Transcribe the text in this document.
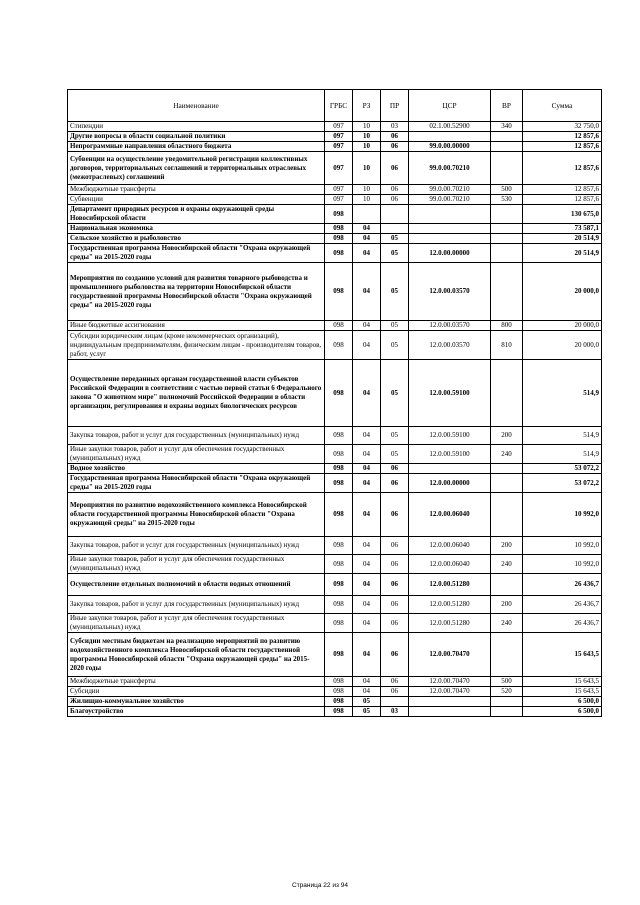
Наименование	ГРБС	РЗ	ПР	ЦСР	ВР	Сумма
Стипендии	097	10	03	02.1.00.52900	340	32 750,0
Другие вопросы в области социальной политики	097	10	06			12 857,6
Непрограммные направления областного бюджета	097	10	06	99.0.00.00000		12 857,6
Субвенции на осуществление уведомительной регистрации коллективных договоров, территориальных соглашений и территориальных отраслевых (межотраслевых) соглашений	097	10	06	99.0.00.70210		12 857,6
Межбюджетные трансферты	097	10	06	99.0.00.70210	500	12 857,6
Субвенции	097	10	06	99.0.00.70210	530	12 857,6
Департамент природных ресурсов и охраны окружающей среды Новосибирской области	098					130 675,0
Национальная экономика	098	04				73 587,1
Сельское хозяйство и рыболовство	098	04	05			20 514,9
Государственная программа Новосибирской области "Охрана окружающей среды" на 2015-2020 годы	098	04	05	12.0.00.00000		20 514,9
Мероприятия по созданию условий для развития товарного рыбоводства и промышленного рыболовства на территории Новосибирской области государственной программы Новосибирской области "Охрана окружающей среды" на 2015-2020 годы	098	04	05	12.0.00.03570		20 000,0
Иные бюджетные ассигнования	098	04	05	12.0.00.03570	800	20 000,0
Субсидии юридическим лицам (кроме некоммерческих организаций), индивидуальным предпринимателям, физическим лицам - производителям товаров, работ, услуг	098	04	05	12.0.00.03570	810	20 000,0
Осуществление переданных органам государственной власти субъектов Российской Федерации в соответствии с частью первой статьи 6 Федерального закона "О животном мире" полномочий Российской Федерации в области организации, регулирования и охраны водных биологических ресурсов	098	04	05	12.0.00.59100		514,9
Закупка товаров, работ и услуг для государственных (муниципальных) нужд	098	04	05	12.0.00.59100	200	514,9
Иные закупки товаров, работ и услуг для обеспечения государственных (муниципальных) нужд	098	04	05	12.0.00.59100	240	514,9
Водное хозяйство	098	04	06			53 072,2
Государственная программа Новосибирской области "Охрана окружающей среды" на 2015-2020 годы	098	04	06	12.0.00.00000		53 072,2
Мероприятия по развитию водохозяйственного комплекса Новосибирской области государственной программы Новосибирской области "Охрана окружающей среды" на 2015-2020 годы	098	04	06	12.0.00.06040		10 992,0
Закупка товаров, работ и услуг для государственных (муниципальных) нужд	098	04	06	12.0.00.06040	200	10 992,0
Иные закупки товаров, работ и услуг для обеспечения государственных (муниципальных) нужд	098	04	06	12.0.00.06040	240	10 992,0
Осуществление отдельных полномочий в области водных отношений	098	04	06	12.0.00.51280		26 436,7
Закупка товаров, работ и услуг для государственных (муниципальных) нужд	098	04	06	12.0.00.51280	200	26 436,7
Иные закупки товаров, работ и услуг для обеспечения государственных (муниципальных) нужд	098	04	06	12.0.00.51280	240	26 436,7
Субсидии местным бюджетам на реализацию мероприятий по развитию водохозяйственного комплекса Новосибирской области государственной программы Новосибирской области "Охрана окружающей среды" на 2015-2020 годы	098	04	06	12.0.00.70470		15 643,5
Межбюджетные трансферты	098	04	06	12.0.00.70470	500	15 643,5
Субсидии	098	04	06	12.0.00.70470	520	15 643,5
Жилищно-коммунальное хозяйство	098	05				6 500,0
Благоустройство	098	05	03			6 500,0
Страница 22 из 94
